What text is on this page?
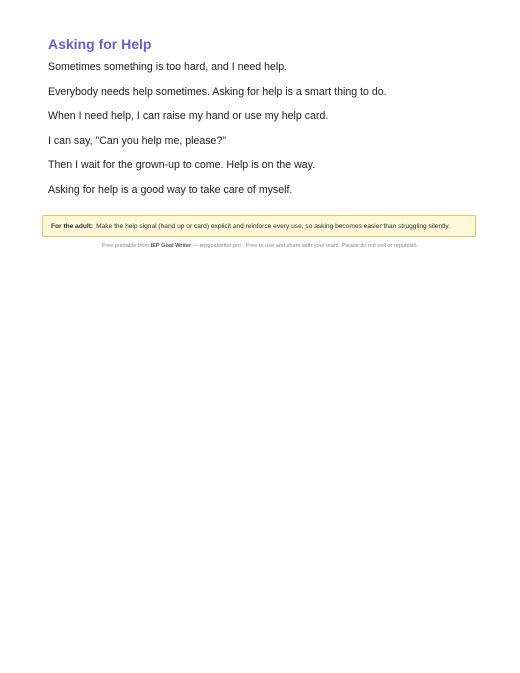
Asking for Help

Sometimes something is too hard, and I need help.

Everybody needs help sometimes. Asking for help is a smart thing to do.

When I need help, I can raise my hand or use my help card.

I can say, "Can you help me, please?"

Then I wait for the grown-up to come. Help is on the way.

Asking for help is a good way to take care of myself.

For the adult: Make the help signal (hand up or card) explicit and reinforce every use, so asking becomes easier than struggling silently.
Free printable from IEP Goal Writer — iepgoalwriter.pro · Free to use and share with your team. Please do not sell or republish.
